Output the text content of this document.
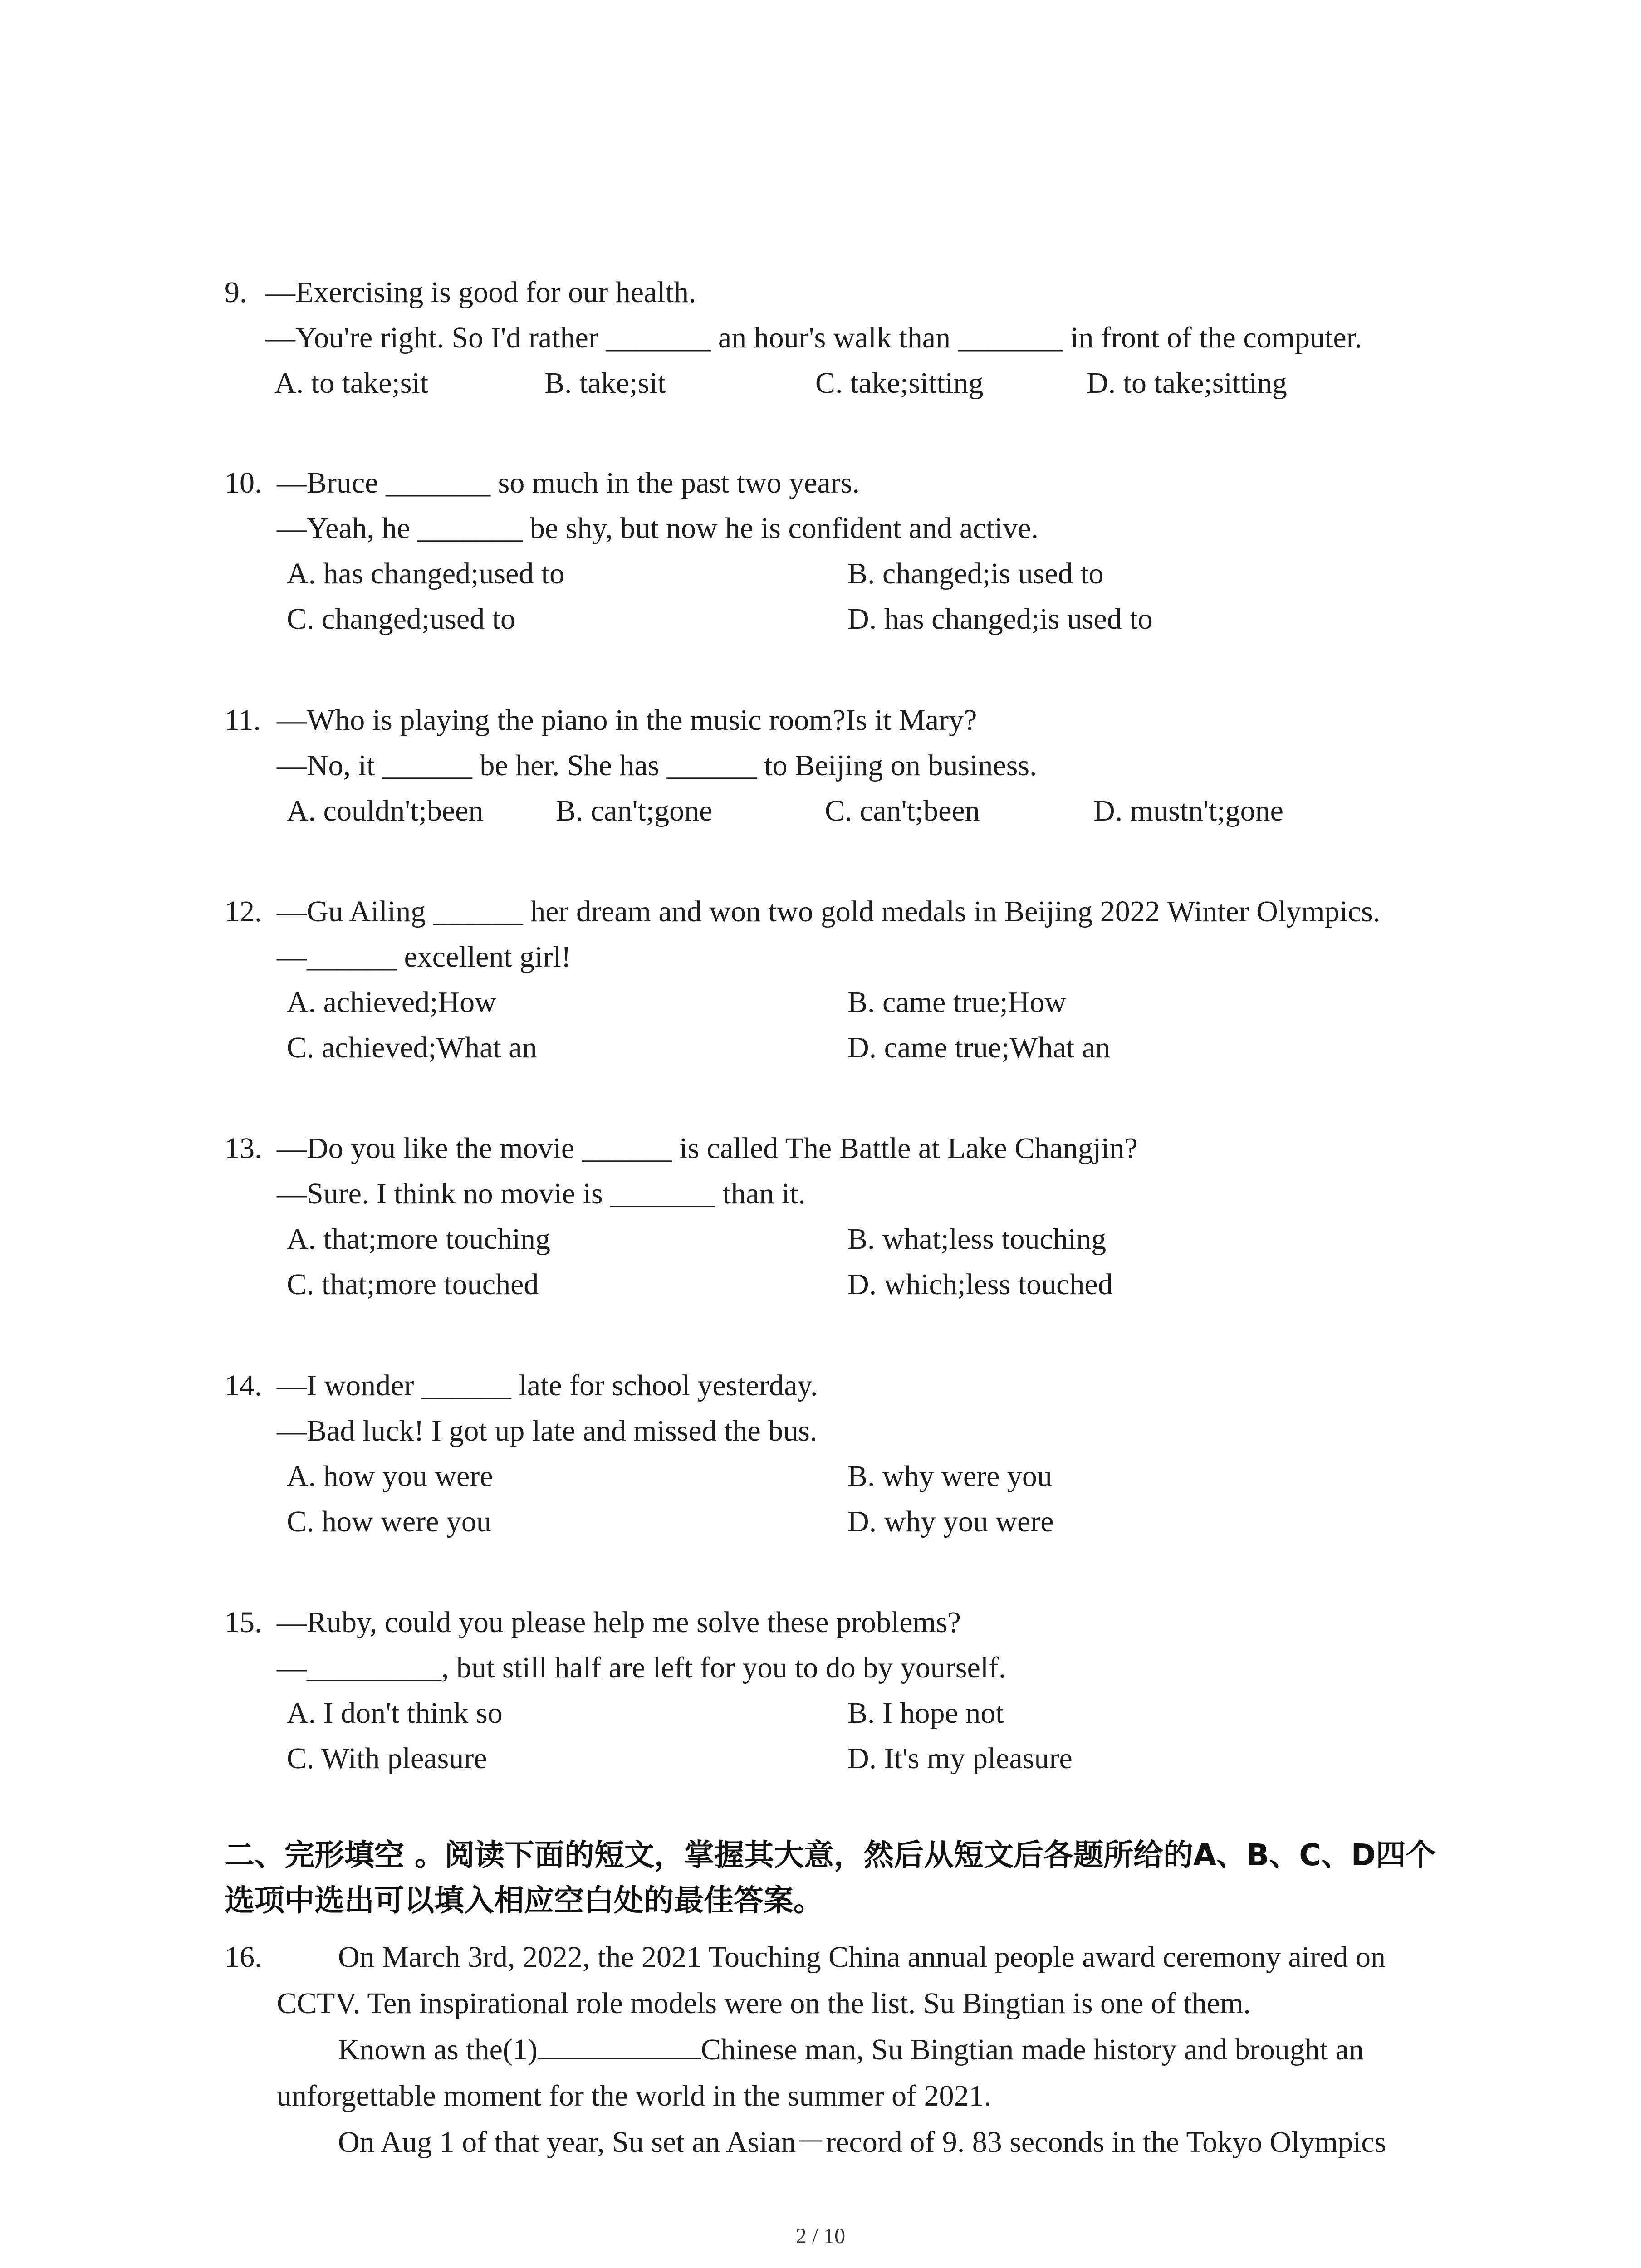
9. —Exercising is good for our health.
—You're right. So I'd rather _______ an hour's walk than _______ in front of the computer.
A. to take;sit	B. take;sit	C. take;sitting	D. to take;sitting
10. —Bruce _______ so much in the past two years.
—Yeah, he _______ be shy, but now he is confident and active.
A. has changed;used to	B. changed;is used to
C. changed;used to	D. has changed;is used to
11. —Who is playing the piano in the music room?Is it Mary?
—No, it ______ be her. She has ______ to Beijing on business.
A. couldn't;been B. can't;gone	C. can't;been	D. mustn't;gone
12. —Gu Ailing ______ her dream and won two gold medals in Beijing 2022 Winter Olympics.
—______ excellent girl!
A. achieved;How	B. came true;How
C. achieved;What an	D. came true;What an
13. —Do you like the movie ______ is called The Battle at Lake Changjin?
—Sure. I think no movie is _______ than it.
A. that;more touching	B. what;less touching
C. that;more touched	D. which;less touched
14. —I wonder ______ late for school yesterday.
—Bad luck! I got up late and missed the bus.
A. how you were	B. why were you
C. how were you	D. why you were
15. —Ruby, could you please help me solve these problems?
—_________, but still half are left for you to do by yourself.
A. I don't think so	B. I hope not
C. With pleasure	D. It's my pleasure
二、完形填空 。阅读下面的短文，掌握其大意，然后从短文后各题所给的A、B、C、D四个
选项中选出可以填入相应空白处的最佳答案。
16.	On March 3rd, 2022, the 2021 Touching China annual people award ceremony aired on
CCTV. Ten inspirational role models were on the list. Su Bingtian is one of them.
Known as the(1)	Chinese man, Su Bingtian made history and brought an
unforgettable moment for the world in the summer of 2021.
On Aug 1 of that year, Su set an Asian－record of 9. 83 seconds in the Tokyo Olympics
2 / 10
